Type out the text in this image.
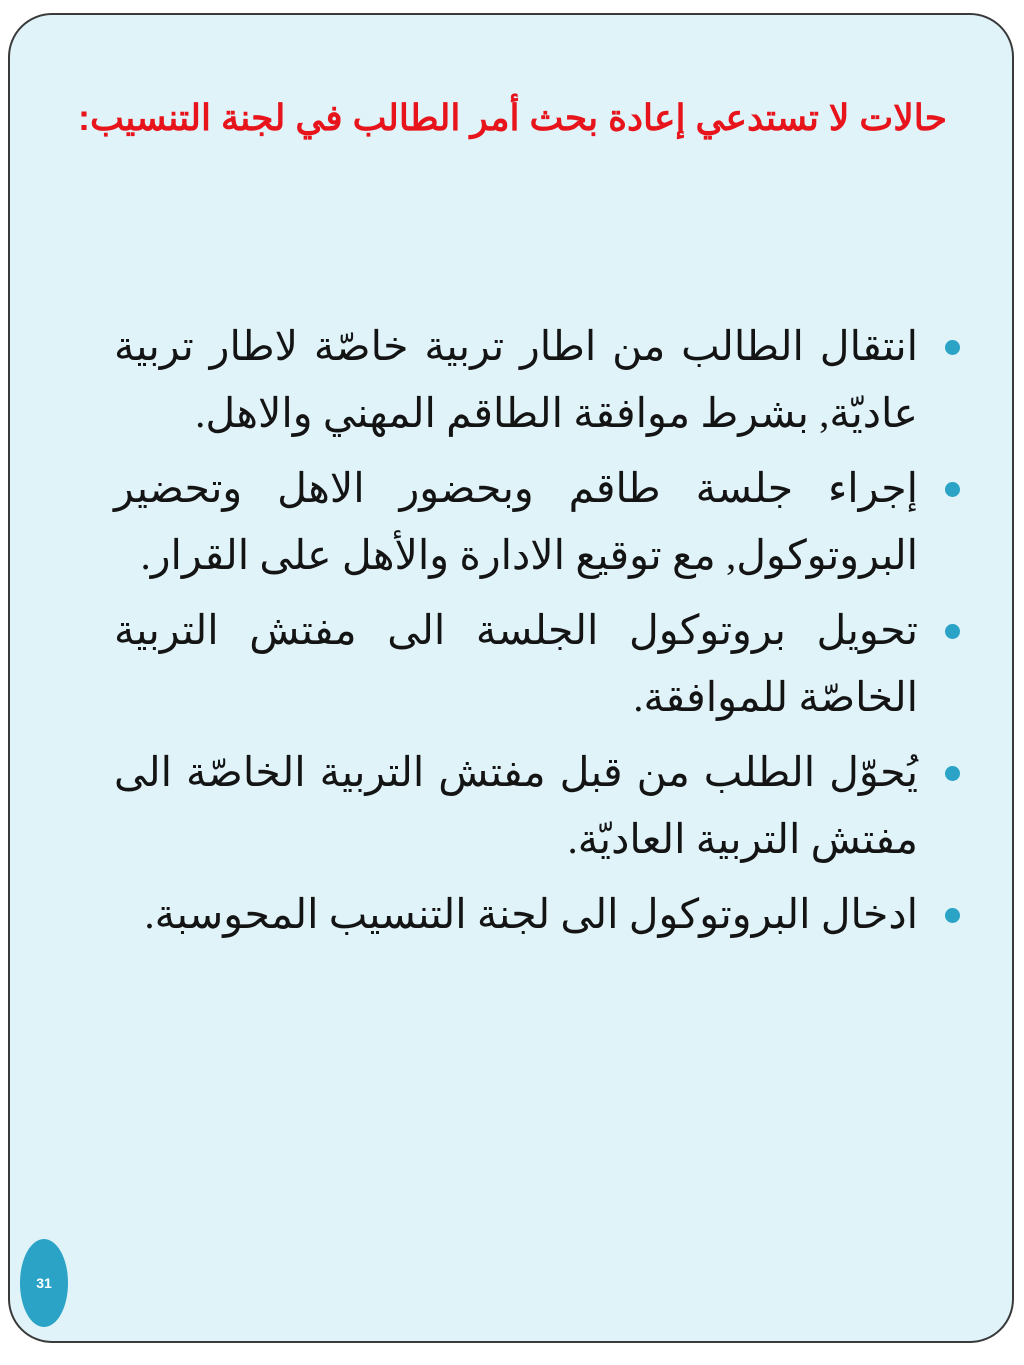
حالات لا تستدعي إعادة بحث أمر الطالب في لجنة التنسيب:
انتقال الطالب من اطار تربية خاصّة لاطار تربية عاديّة, بشرط موافقة الطاقم المهني والاهل.
إجراء جلسة طاقم وبحضور الاهل وتحضير البروتوكول, مع توقيع الادارة والأهل على القرار.
تحويل بروتوكول الجلسة الى مفتش التربية الخاصّة للموافقة.
يُحوّل الطلب من قبل مفتش التربية الخاصّة الى مفتش التربية العاديّة.
ادخال البروتوكول الى لجنة التنسيب المحوسبة.
31
